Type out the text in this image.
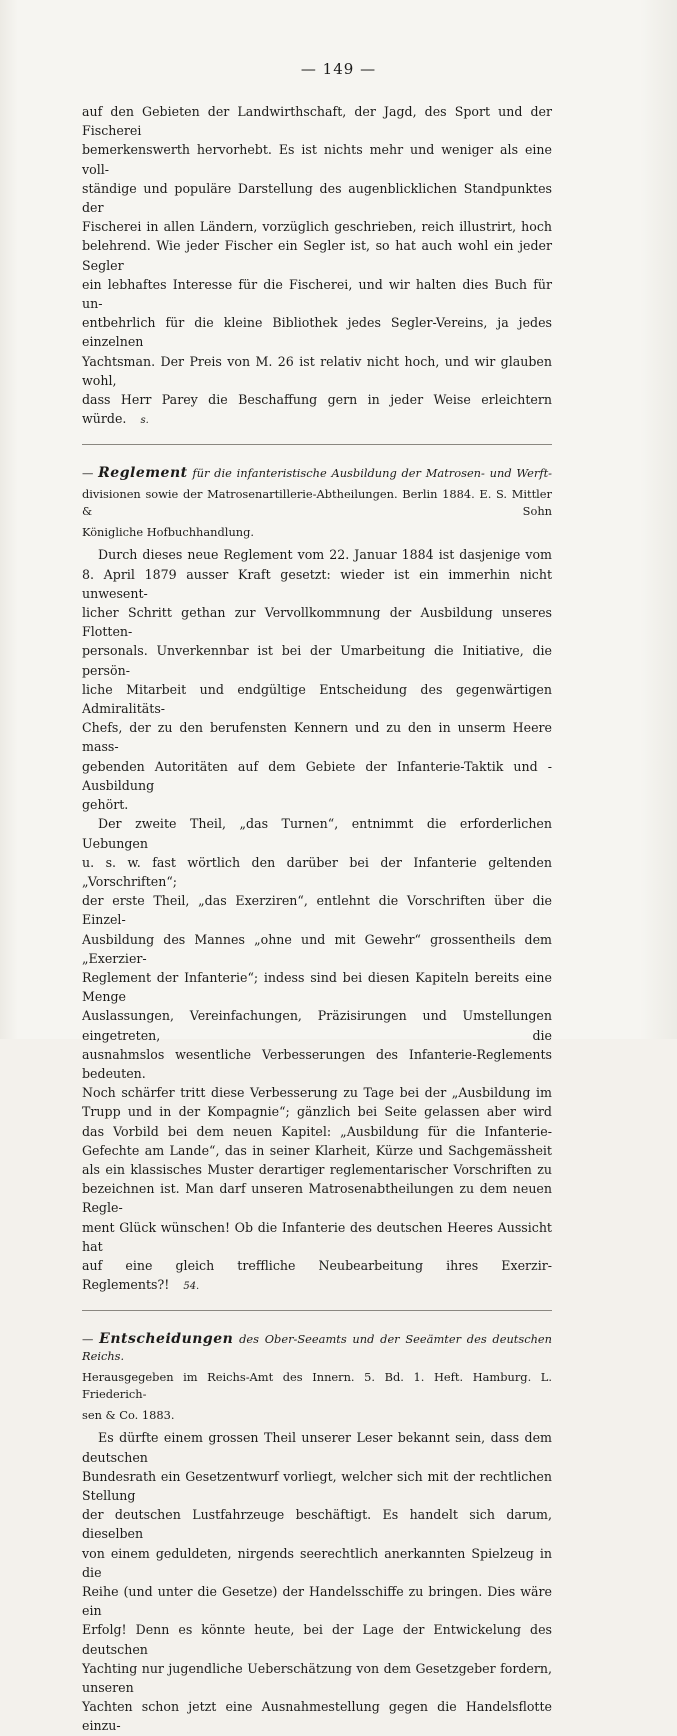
— 149 —

auf den Gebieten der Landwirthschaft, der Jagd, des Sport und der Fischerei

bemerkenswerth hervorhebt. Es ist nichts mehr und weniger als eine voll-

ständige und populäre Darstellung des augenblicklichen Standpunktes der

Fischerei in allen Ländern, vorzüglich geschrieben, reich illustrirt, hoch

belehrend. Wie jeder Fischer ein Segler ist, so hat auch wohl ein jeder Segler

ein lebhaftes Interesse für die Fischerei, und wir halten dies Buch für un-

entbehrlich für die kleine Bibliothek jedes Segler-Vereins, ja jedes einzelnen

Yachtsman. Der Preis von M. 26 ist relativ nicht hoch, und wir glauben wohl,

dass Herr Parey die Beschaffung gern in jeder Weise erleichtern würde. s.

— Reglement für die infanteristische Ausbildung der Matrosen- und Werft-
divisionen sowie der Matrosenartillerie-Abtheilungen. Berlin 1884. E. S. Mittler & Sohn
Königliche Hofbuchhandlung.

Durch dieses neue Reglement vom 22. Januar 1884 ist dasjenige vom

8. April 1879 ausser Kraft gesetzt: wieder ist ein immerhin nicht unwesent-

licher Schritt gethan zur Vervollkommnung der Ausbildung unseres Flotten-

personals. Unverkennbar ist bei der Umarbeitung die Initiative, die persön-

liche Mitarbeit und endgültige Entscheidung des gegenwärtigen Admiralitäts-

Chefs, der zu den berufensten Kennern und zu den in unserm Heere mass-

gebenden Autoritäten auf dem Gebiete der Infanterie-Taktik und -Ausbildung

gehört.

Der zweite Theil, „das Turnen“, entnimmt die erforderlichen Uebungen

u. s. w. fast wörtlich den darüber bei der Infanterie geltenden „Vorschriften“;

der erste Theil, „das Exerziren“, entlehnt die Vorschriften über die Einzel-

Ausbildung des Mannes „ohne und mit Gewehr“ grossentheils dem „Exerzier-

Reglement der Infanterie“; indess sind bei diesen Kapiteln bereits eine Menge

Auslassungen, Vereinfachungen, Präzisirungen und Umstellungen eingetreten, die

ausnahmslos wesentliche Verbesserungen des Infanterie-Reglements bedeuten.

Noch schärfer tritt diese Verbesserung zu Tage bei der „Ausbildung im

Trupp und in der Kompagnie“; gänzlich bei Seite gelassen aber wird

das Vorbild bei dem neuen Kapitel: „Ausbildung für die Infanterie-

Gefechte am Lande“, das in seiner Klarheit, Kürze und Sachgemässheit

als ein klassisches Muster derartiger reglementarischer Vorschriften zu

bezeichnen ist. Man darf unseren Matrosenabtheilungen zu dem neuen Regle-

ment Glück wünschen! Ob die Infanterie des deutschen Heeres Aussicht hat

auf eine gleich treffliche Neubearbeitung ihres Exerzir-Reglements?! 54.

— Entscheidungen des Ober-Seeamts und der Seeämter des deutschen Reichs.
Herausgegeben im Reichs-Amt des Innern. 5. Bd. 1. Heft. Hamburg. L. Friederich-
sen & Co. 1883.

Es dürfte einem grossen Theil unserer Leser bekannt sein, dass dem deutschen

Bundesrath ein Gesetzentwurf vorliegt, welcher sich mit der rechtlichen Stellung

der deutschen Lustfahrzeuge beschäftigt. Es handelt sich darum, dieselben

von einem geduldeten, nirgends seerechtlich anerkannten Spielzeug in die

Reihe (und unter die Gesetze) der Handelsschiffe zu bringen. Dies wäre ein

Erfolg! Denn es könnte heute, bei der Lage der Entwickelung des deutschen

Yachting nur jugendliche Ueberschätzung von dem Gesetzgeber fordern, unseren

Yachten schon jetzt eine Ausnahmestellung gegen die Handelsflotte einzu-
